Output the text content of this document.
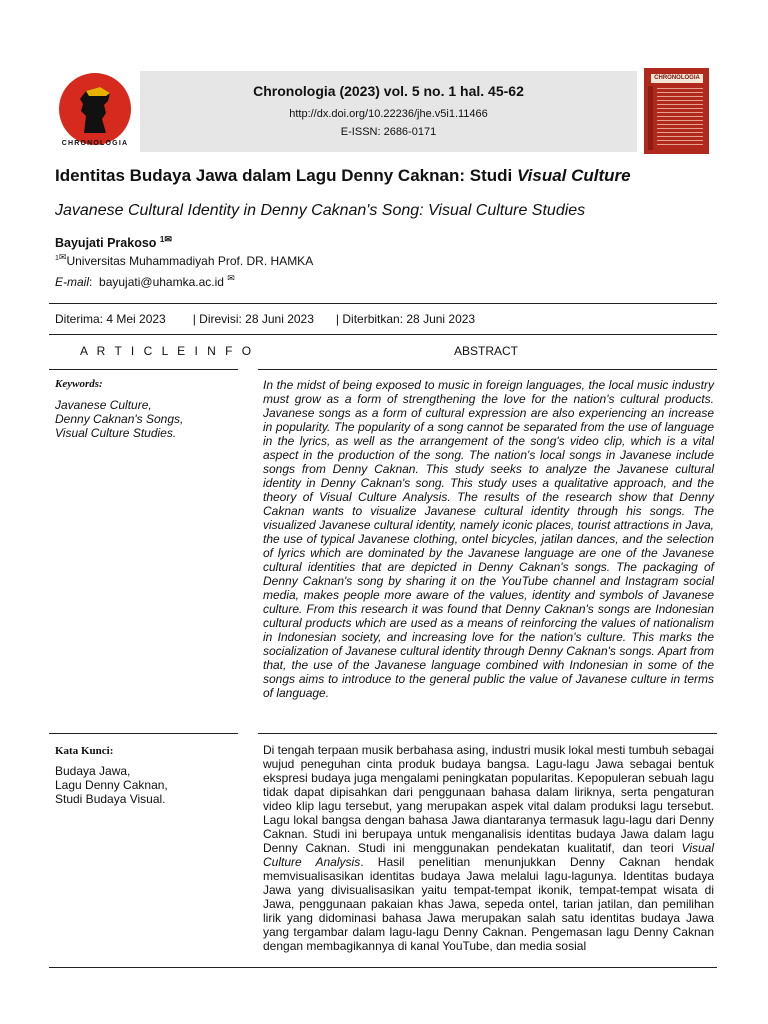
CHRONOLOGIA
Chronologia (2023) vol. 5 no. 1 hal. 45-62
http://dx.doi.org/10.22236/jhe.v5i1.11466
E-ISSN: 2686-0171
CHRONOLOGIA
Identitas Budaya Jawa dalam Lagu Denny Caknan: Studi Visual Culture
Javanese Cultural Identity in Denny Caknan's Song: Visual Culture Studies
Bayujati Prakoso $^{1✉}$
$^{1✉}$Universitas Muhammadiyah Prof. DR. HAMKA
E-mail:  bayujati@uhamka.ac.id ✉
Diterima: 4 Mei 2023 | Direvisi: 28 Juni 2023 | Diterbitkan: 28 Juni 2023
A R T I C L E I N F O	ABSTRACT
Keywords:
Javanese Culture,
Denny Caknan's Songs,
Visual Culture Studies.
In the midst of being exposed to music in foreign languages, the local music industry must grow as a form of strengthening the love for the nation's cultural products. Javanese songs as a form of cultural expression are also experiencing an increase in popularity. The popularity of a song cannot be separated from the use of language in the lyrics, as well as the arrangement of the song's video clip, which is a vital aspect in the production of the song. The nation's local songs in Javanese include songs from Denny Caknan. This study seeks to analyze the Javanese cultural identity in Denny Caknan's song. This study uses a qualitative approach, and the theory of Visual Culture Analysis. The results of the research show that Denny Caknan wants to visualize Javanese cultural identity through his songs. The visualized Javanese cultural identity, namely iconic places, tourist attractions in Java, the use of typical Javanese clothing, ontel bicycles, jatilan dances, and the selection of lyrics which are dominated by the Javanese language are one of the Javanese cultural identities that are depicted in Denny Caknan's songs. The packaging of Denny Caknan's song by sharing it on the YouTube channel and Instagram social media, makes people more aware of the values, identity and symbols of Javanese culture. From this research it was found that Denny Caknan's songs are Indonesian cultural products which are used as a means of reinforcing the values of nationalism in Indonesian society, and increasing love for the nation's culture. This marks the socialization of Javanese cultural identity through Denny Caknan's songs. Apart from that, the use of the Javanese language combined with Indonesian in some of the songs aims to introduce to the general public the value of Javanese culture in terms of language.
Kata Kunci:
Budaya Jawa,
Lagu Denny Caknan,
Studi Budaya Visual.
Di tengah terpaan musik berbahasa asing, industri musik lokal mesti tumbuh sebagai wujud peneguhan cinta produk budaya bangsa. Lagu-lagu Jawa sebagai bentuk ekspresi budaya juga mengalami peningkatan popularitas. Kepopuleran sebuah lagu tidak dapat dipisahkan dari penggunaan bahasa dalam liriknya, serta pengaturan video klip lagu tersebut, yang merupakan aspek vital dalam produksi lagu tersebut. Lagu lokal bangsa dengan bahasa Jawa diantaranya termasuk lagu-lagu dari Denny Caknan. Studi ini berupaya untuk menganalisis identitas budaya Jawa dalam lagu Denny Caknan. Studi ini menggunakan pendekatan kualitatif, dan teori Visual Culture Analysis. Hasil penelitian menunjukkan Denny Caknan hendak memvisualisasikan identitas budaya Jawa melalui lagu-lagunya. Identitas budaya Jawa yang divisualisasikan yaitu tempat-tempat ikonik, tempat-tempat wisata di Jawa, penggunaan pakaian khas Jawa, sepeda ontel, tarian jatilan, dan pemilihan lirik yang didominasi bahasa Jawa merupakan salah satu identitas budaya Jawa yang tergambar dalam lagu-lagu Denny Caknan. Pengemasan lagu Denny Caknan dengan membagikannya di kanal YouTube, dan media sosial
